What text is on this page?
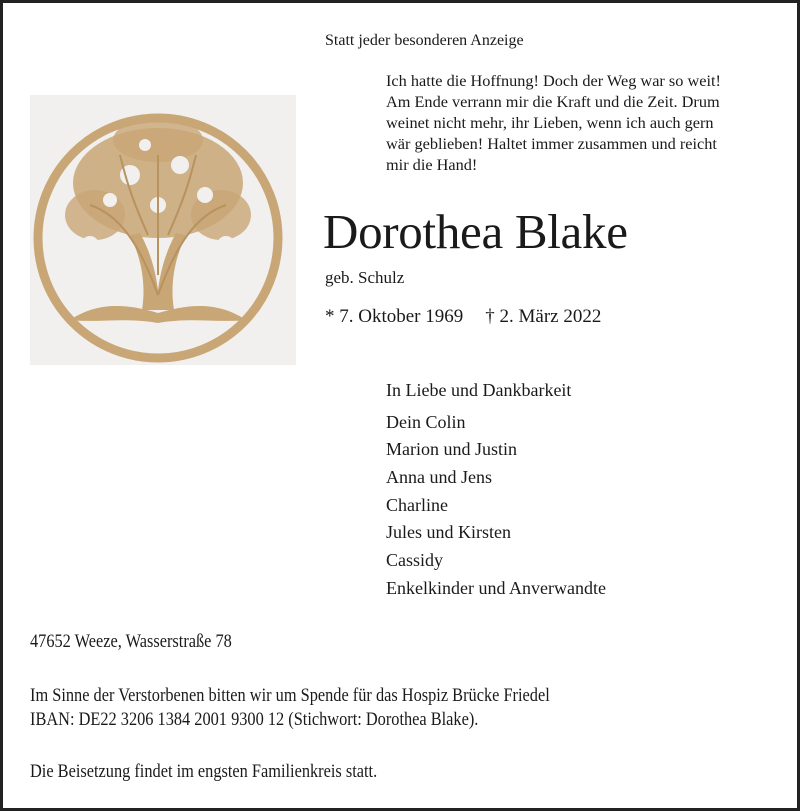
Statt jeder besonderen Anzeige
Ich hatte die Hoffnung! Doch der Weg war so weit!
Am Ende verrann mir die Kraft und die Zeit. Drum
weinet nicht mehr, ihr Lieben, wenn ich auch gern
wär geblieben! Haltet immer zusammen und reicht
mir die Hand!
Dorothea Blake
geb. Schulz
* 7. Oktober 1969 † 2. März 2022
In Liebe und Dankbarkeit
Dein Colin
Marion und Justin
Anna und Jens
Charline
Jules und Kirsten
Cassidy
Enkelkinder und Anverwandte
47652 Weeze, Wasserstraße 78
Im Sinne der Verstorbenen bitten wir um Spende für das Hospiz Brücke Friedel
IBAN: DE22 3206 1384 2001 9300 12 (Stichwort: Dorothea Blake).
Die Beisetzung findet im engsten Familienkreis statt.
